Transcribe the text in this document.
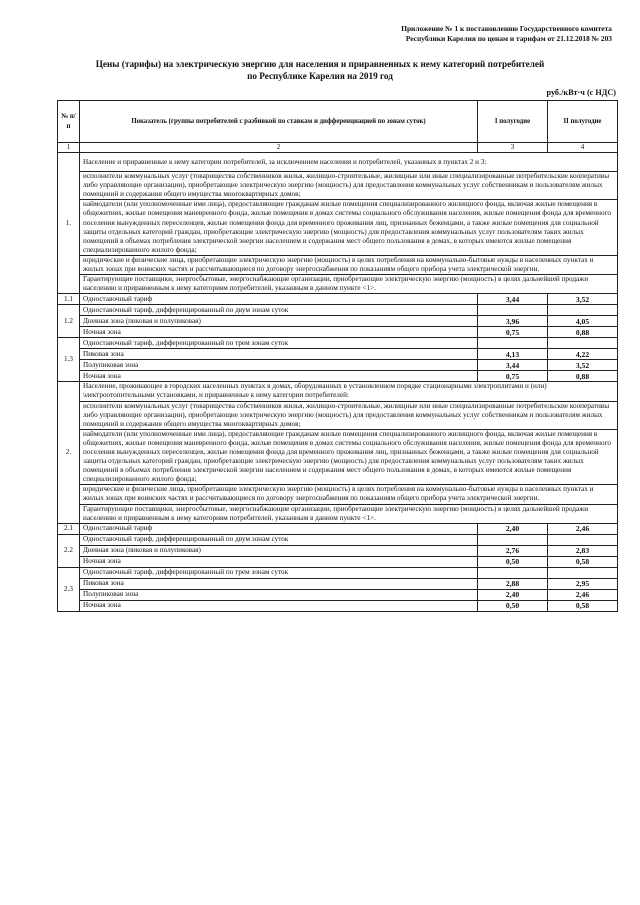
Приложение № 1 к постановлению Государственного комитета
Республики Карелия по ценам и тарифам от 21.12.2018 № 203
Цены (тарифы) на электрическую энергию для населения и приравненных к нему категорий потребителей
по Республике Карелия на 2019 год
руб./кВт·ч (с НДС)
№ п/п	Показатель (группы потребителей с разбивкой по ставкам и дифференциацией по зонам суток)	I полугодие	II полугодие
1	2	3	4
1.	Население и приравненные к нему категории потребителей, за исключением населения и потребителей, указанных в пунктах 2 и 3:		
	исполнители коммунальных услуг (товарищества собственников жилья, жилищно-строительные, жилищные или иные специализированные потребительские кооперативы либо управляющие организации), приобретающие электрическую энергию (мощность) для предоставления коммунальных услуг собственникам и пользователям жилых помещений и содержания общего имущества многоквартирных домов;		
	наймодатели (или уполномоченные ими лица), предоставляющие гражданам жилые помещения специализированного жилищного фонда, включая жилые помещения в общежитиях, жилые помещения маневренного фонда, жилые помещения в домах системы социального обслуживания населения, жилые помещения фонда для временного поселения вынужденных переселенцев, жилые помещения фонда для временного проживания лиц, признанных беженцами, а также жилые помещения для социальной защиты отдельных категорий граждан, приобретающие электрическую энергию (мощность) для предоставления коммунальных услуг пользователям таких жилых помещений в объемах потребления электрической энергии населением и содержания мест общего пользования в домах, в которых имеются жилые помещения специализированного жилого фонда;		
	юридические и физические лица, приобретающие электрическую энергию (мощность) в целях потребления на коммунально-бытовые нужды в населенных пунктах и жилых зонах при воинских частях и рассчитывающиеся по договору энергоснабжения по показаниям общего прибора учета электрической энергии.		
	Гарантирующие поставщики, энергосбытовые, энергоснабжающие организации, приобретающие электрическую энергию (мощность) в целях дальнейшей продажи населению и приравненным к нему категориям потребителей, указанным в данном пункте <1>.		
1.1	Одноставочный тариф	3,44	3,52
1.2	Одноставочный тариф, дифференцированный по двум зонам суток		
	Дневная зона (пиковая и полупиковая)	3,96	4,05
	Ночная зона	0,75	0,88
1.3	Одноставочный тариф, дифференцированный по трем зонам суток		
	Пиковая зона	4,13	4,22
	Полупиковая зона	3,44	3,52
	Ночная зона	0,75	0,88
2.	Население, проживающее в городских населенных пунктах в домах, оборудованных в установленном порядке стационарными электроплитами и (или) электроотопительными установками, и приравненные к нему категории потребителей:		
	исполнители коммунальных услуг (товарищества собственников жилья, жилищно-строительные, жилищные или иные специализированные потребительские кооперативы либо управляющие организации), приобретающие электрическую энергию (мощность) для предоставления коммунальных услуг собственникам и пользователям жилых помещений и содержания общего имущества многоквартирных домов;		
	наймодатели (или уполномоченные ими лица), предоставляющие гражданам жилые помещения специализированного жилищного фонда, включая жилые помещения в общежитиях, жилые помещения маневренного фонда, жилые помещения в домах системы социального обслуживания населения, жилые помещения фонда для временного поселения вынужденных переселенцев, жилые помещения фонда для временного проживания лиц, признанных беженцами, а также жилые помещения для социальной защиты отдельных категорий граждан, приобретающие электрическую энергию (мощность) для предоставления коммунальных услуг пользователям таких жилых помещений в объемах потребления электрической энергии населением и содержания мест общего пользования в домах, в которых имеются жилые помещения специализированного жилого фонда;		
	юридические и физические лица, приобретающие электрическую энергию (мощность) в целях потребления на коммунально-бытовые нужды в населенных пунктах и жилых зонах при воинских частях и рассчитывающиеся по договору энергоснабжения по показаниям общего прибора учета электрической энергии.		
	Гарантирующие поставщики, энергосбытовые, энергоснабжающие организации, приобретающие электрическую энергию (мощность) в целях дальнейшей продажи населению и приравненным к нему категориям потребителей, указанным в данном пункте <1>.		
2.1	Одноставочный тариф	2,40	2,46
2.2	Одноставочный тариф, дифференцированный по двум зонам суток		
	Дневная зона (пиковая и полупиковая)	2,76	2,83
	Ночная зона	0,50	0,58
2.3	Одноставочный тариф, дифференцированный по трем зонам суток		
	Пиковая зона	2,88	2,95
	Полупиковая зона	2,40	2,46
	Ночная зона	0,50	0,58
